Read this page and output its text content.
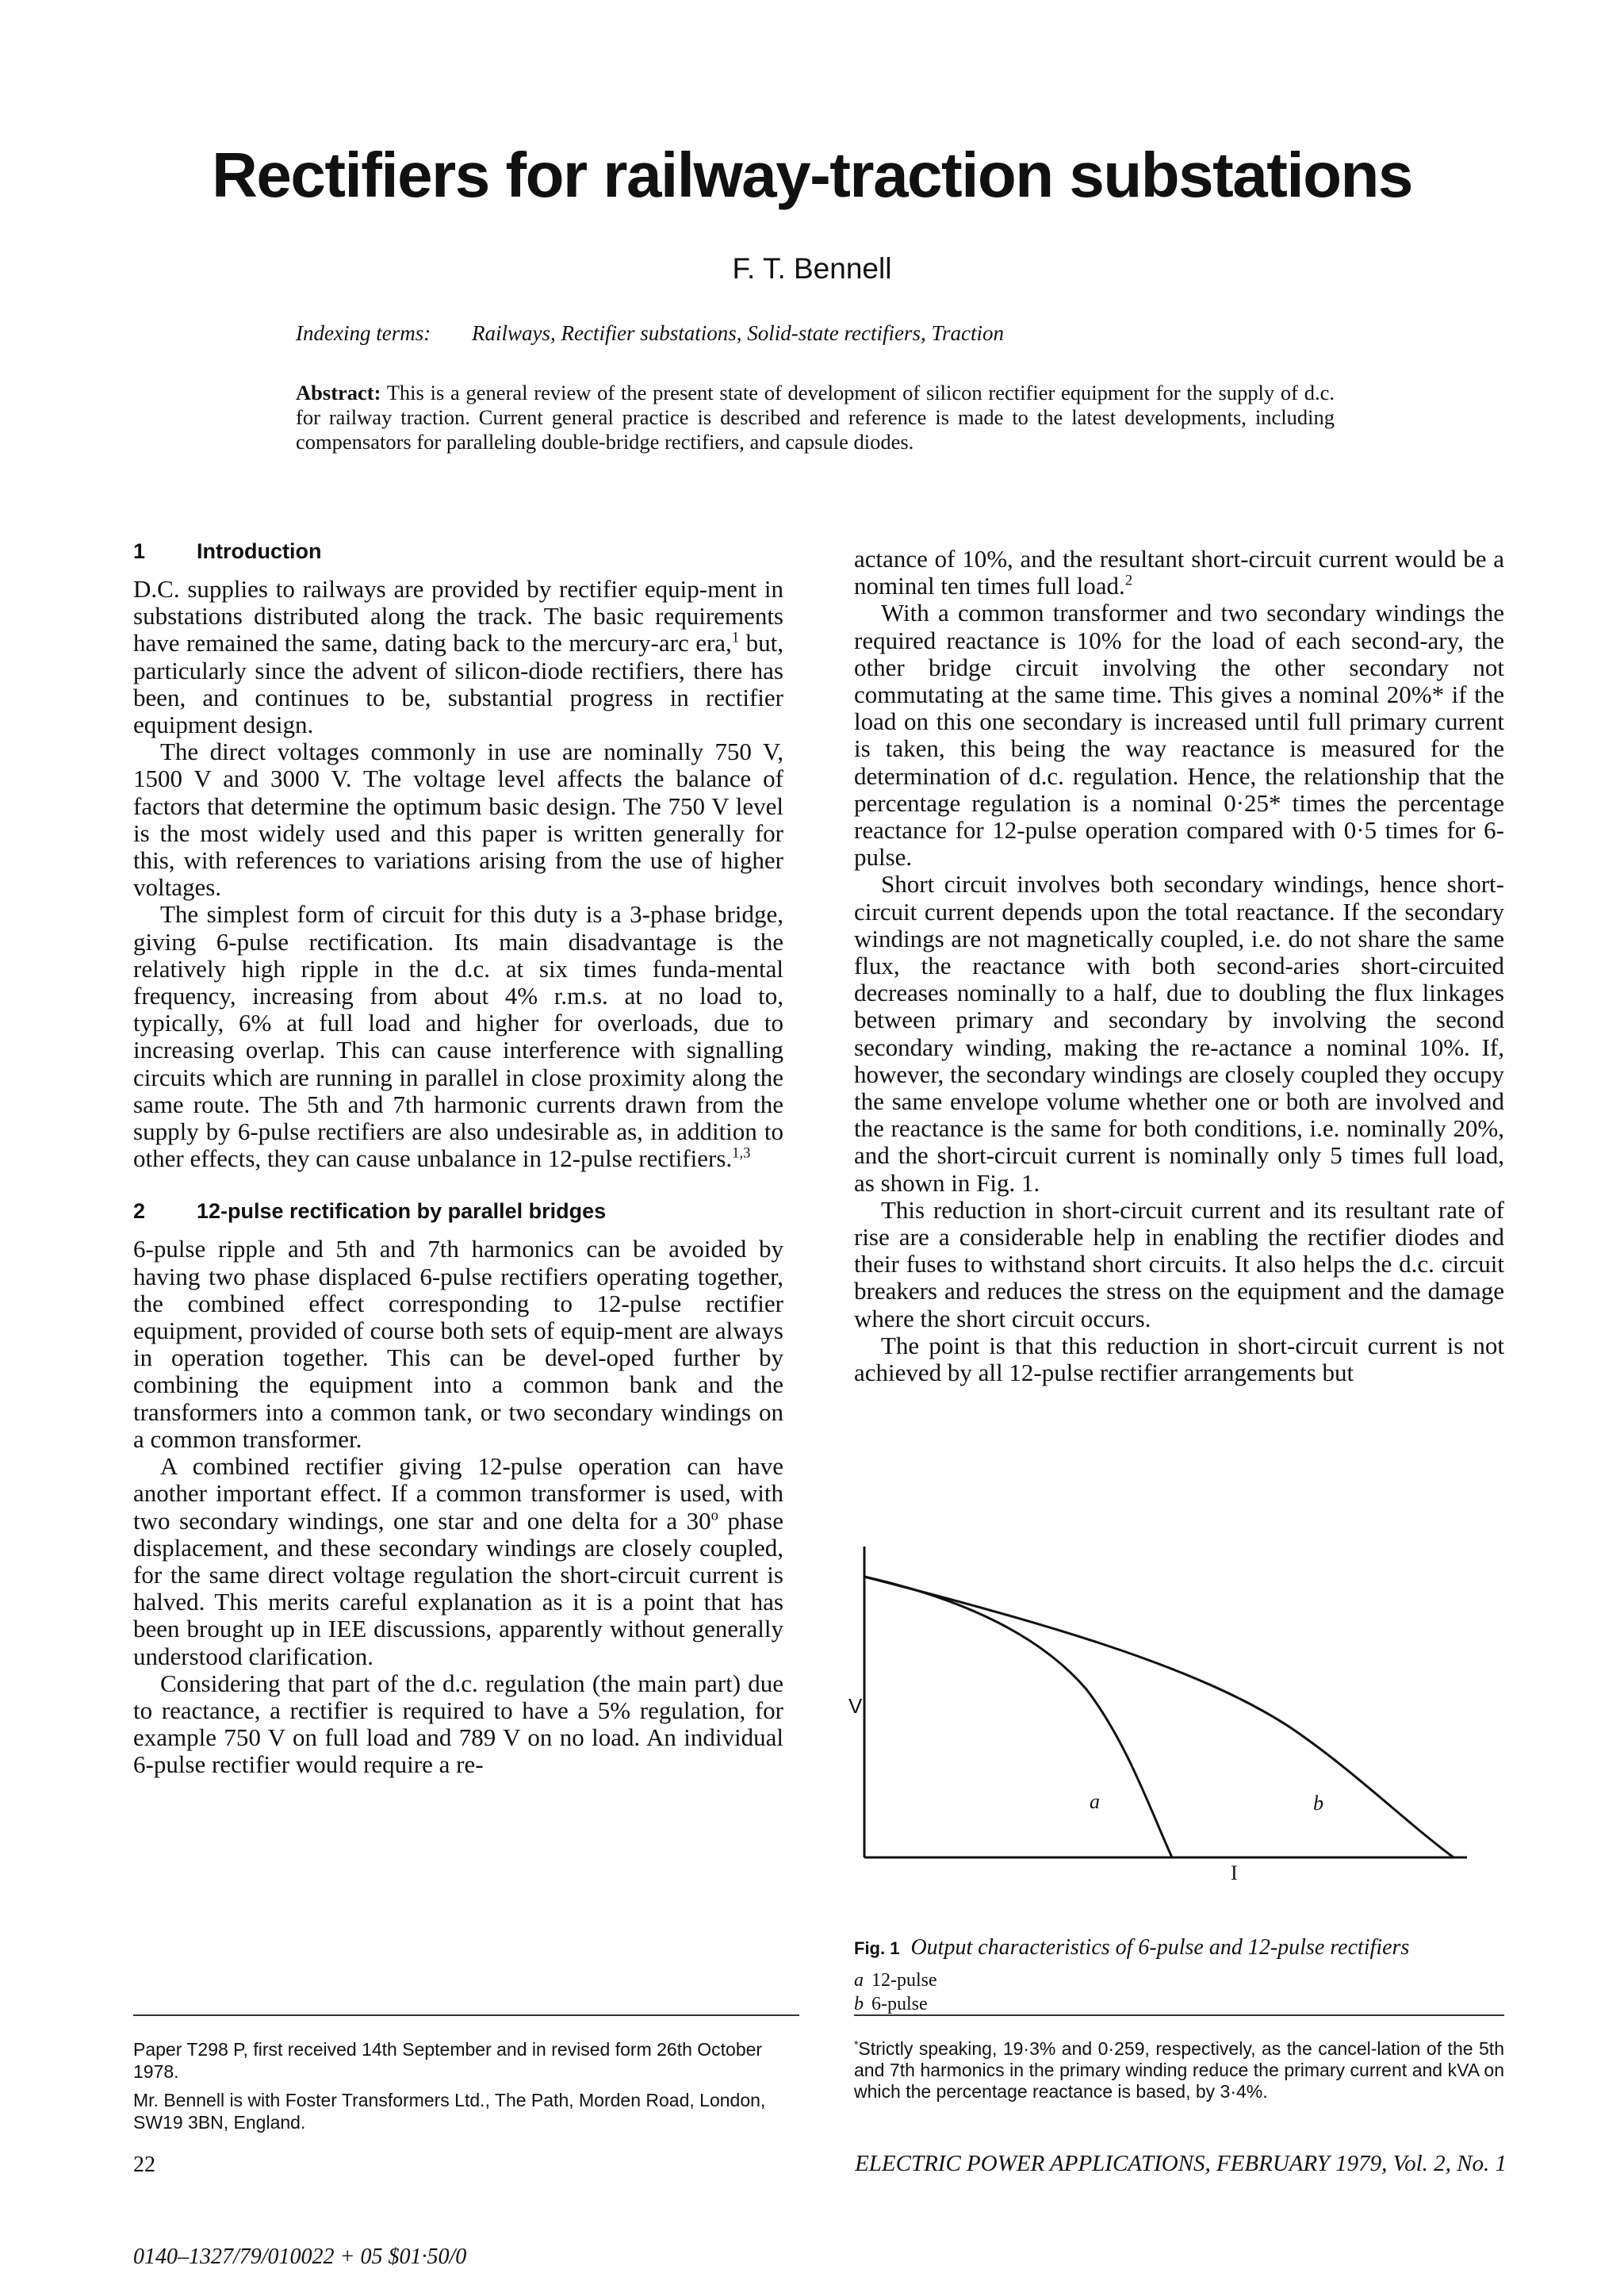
Rectifiers for railway-traction substations
F. T. Bennell
Indexing terms: Railways, Rectifier substations, Solid-state rectifiers, Traction
Abstract: This is a general review of the present state of development of silicon rectifier equipment for the supply of d.c. for railway traction. Current general practice is described and reference is made to the latest developments, including compensators for paralleling double-bridge rectifiers, and capsule diodes.
1 Introduction

D.C. supplies to railways are provided by rectifier equip-ment in substations distributed along the track. The basic requirements have remained the same, dating back to the mercury-arc era,$^1$ but, particularly since the advent of silicon-diode rectifiers, there has been, and continues to be, substantial progress in rectifier equipment design.

The direct voltages commonly in use are nominally 750 V, 1500 V and 3000 V. The voltage level affects the balance of factors that determine the optimum basic design. The 750 V level is the most widely used and this paper is written generally for this, with references to variations arising from the use of higher voltages.

The simplest form of circuit for this duty is a 3-phase bridge, giving 6-pulse rectification. Its main disadvantage is the relatively high ripple in the d.c. at six times funda-mental frequency, increasing from about 4% r.m.s. at no load to, typically, 6% at full load and higher for overloads, due to increasing overlap. This can cause interference with signalling circuits which are running in parallel in close proximity along the same route. The 5th and 7th harmonic currents drawn from the supply by 6-pulse rectifiers are also undesirable as, in addition to other effects, they can cause unbalance in 12-pulse rectifiers.$^{1,3}$

2 12-pulse rectification by parallel bridges

6-pulse ripple and 5th and 7th harmonics can be avoided by having two phase displaced 6-pulse rectifiers operating together, the combined effect corresponding to 12-pulse rectifier equipment, provided of course both sets of equip-ment are always in operation together. This can be devel-oped further by combining the equipment into a common bank and the transformers into a common tank, or two secondary windings on a common transformer.

A combined rectifier giving 12-pulse operation can have another important effect. If a common transformer is used, with two secondary windings, one star and one delta for a 30$^o$ phase displacement, and these secondary windings are closely coupled, for the same direct voltage regulation the short-circuit current is halved. This merits careful explanation as it is a point that has been brought up in IEE discussions, apparently without generally understood clarification.

Considering that part of the d.c. regulation (the main part) due to reactance, a rectifier is required to have a 5% regulation, for example 750 V on full load and 789 V on no load. An individual 6-pulse rectifier would require a re-

actance of 10%, and the resultant short-circuit current would be a nominal ten times full load.$^2$

With a common transformer and two secondary windings the required reactance is 10% for the load of each second-ary, the other bridge circuit involving the other secondary not commutating at the same time. This gives a nominal 20%* if the load on this one secondary is increased until full primary current is taken, this being the way reactance is measured for the determination of d.c. regulation. Hence, the relationship that the percentage regulation is a nominal 0·25* times the percentage reactance for 12-pulse operation compared with 0·5 times for 6-pulse.

Short circuit involves both secondary windings, hence short-circuit current depends upon the total reactance. If the secondary windings are not magnetically coupled, i.e. do not share the same flux, the reactance with both second-aries short-circuited decreases nominally to a half, due to doubling the flux linkages between primary and secondary by involving the second secondary winding, making the re-actance a nominal 10%. If, however, the secondary windings are closely coupled they occupy the same envelope volume whether one or both are involved and the reactance is the same for both conditions, i.e. nominally 20%, and the short-circuit current is nominally only 5 times full load, as shown in Fig. 1.

This reduction in short-circuit current and its resultant rate of rise are a considerable help in enabling the rectifier diodes and their fuses to withstand short circuits. It also helps the d.c. circuit breakers and reduces the stress on the equipment and the damage where the short circuit occurs.

The point is that this reduction in short-circuit current is not achieved by all 12-pulse rectifier arrangements but

V
I
a	b
Fig. 1 Output characteristics of 6-pulse and 12-pulse rectifiers
a 12-pulse
b 6-pulse

Paper T298 P, first received 14th September and in revised form 26th October 1978.

Mr. Bennell is with Foster Transformers Ltd., The Path, Morden Road, London, SW19 3BN, England.

*Strictly speaking, 19·3% and 0·259, respectively, as the cancel-lation of the 5th and 7th harmonics in the primary winding reduce the primary current and kVA on which the percentage reactance is based, by 3·4%.
22	ELECTRIC POWER APPLICATIONS, FEBRUARY 1979, Vol. 2, No. 1
0140–1327/79/010022 + 05 $01·50/0
